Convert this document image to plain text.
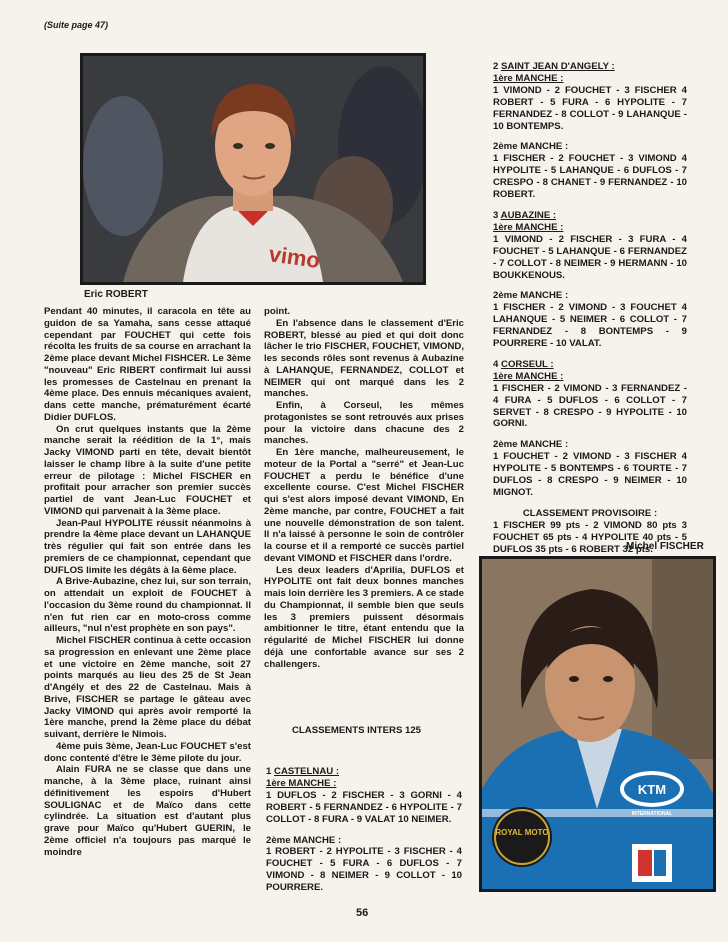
(Suite page 47)
vimo
Eric ROBERT

Pendant 40 minutes, il caracola en tête au guidon de sa Yamaha, sans cesse attaqué cependant par FOUCHET qui cette fois récolta les fruits de sa course en arrachant la 2ème place devant Michel FISHCER. Le 3ème "nouveau" Eric RIBERT confirmait lui aussi les promesses de Castelnau en prenant la 4ème place. Des ennuis mécaniques avaient, dans cette manche, prématurément écarté Didier DUFLOS.

On crut quelques instants que la 2ème manche serait la réédition de la 1°, mais Jacky VIMOND parti en tête, devait bientôt laisser le champ libre à la suite d'une petite erreur de pilotage : Michel FISCHER en profitait pour arracher son premier succès partiel de vant Jean-Luc FOUCHET et VIMOND qui parvenait à la 3ème place.

Jean-Paul HYPOLITE réussit néanmoins à prendre la 4ème place devant un LAHANQUE très régulier qui fait son entrée dans les premiers de ce championnat, cependant que DUFLOS limite les dégâts à la 6ème place.

A Brive-Aubazine, chez lui, sur son terrain, on attendait un exploit de FOUCHET à l'occasion du 3ème round du championnat. Il n'en fut rien car en moto-cross comme ailleurs, "nul n'est prophète en son pays".

Michel FISCHER continua à cette occasion sa progression en enlevant une 2ème place et une victoire en 2ème manche, soit 27 points marqués au lieu des 25 de St Jean d'Angély et des 22 de Castelnau. Mais à Brive, FISCHER se partage le gâteau avec Jacky VIMOND qui après avoir remporté la 1ère manche, prend la 2ème place du débat suivant, derrière le Nimois.

4ème puis 3ème, Jean-Luc FOUCHET s'est donc contenté d'être le 3ème pilote du jour.

Alain FURA ne se classe que dans une manche, à la 3ème place, ruinant ainsi définitivement les espoirs d'Hubert SOULIGNAC et de Maïco dans cette cylindrée. La situation est d'autant plus grave pour Maïco qu'Hubert GUERIN, le 2ème officiel n'a toujours pas marqué le moindre

point.

En l'absence dans le classement d'Eric ROBERT, blessé au pied et qui doit donc lâcher le trio FISCHER, FOUCHET, VIMOND, les seconds rôles sont revenus à Aubazine à LAHANQUE, FERNANDEZ, COLLOT et NEIMER qui ont marqué dans les 2 manches.

Enfin, à Corseul, les mêmes protagonistes se sont retrouvés aux prises pour la victoire dans chacune des 2 manches.

En 1ère manche, malheureusement, le moteur de la Portal a "serré" et Jean-Luc FOUCHET a perdu le bénéfice d'une excellente course. C'est Michel FISCHER qui s'est alors imposé devant VIMOND, En 2ème manche, par contre, FOUCHET a fait une nouvelle démonstration de son talent. Il n'a laissé à personne le soin de contrôler la course et il a remporté ce succès partiel devant VIMOND et FISCHER dans l'ordre.

Les deux leaders d'Aprilia, DUFLOS et HYPOLITE ont fait deux bonnes manches mais loin derrière les 3 premiers. A ce stade du Championnat, il semble bien que seuls les 3 premiers puissent désormais ambitionner le titre, étant entendu que la régularité de Michel FISCHER lui donne déjà une confortable avance sur ses 2 challengers.

CLASSEMENTS INTERS 125
1 CASTELNAU :
1ère MANCHE :
1 DUFLOS - 2 FISCHER - 3 GORNI - 4 ROBERT - 5 FERNANDEZ - 6 HYPOLITE - 7 COLLOT - 8 FURA - 9 VALAT 10 NEIMER.
2ème MANCHE :
1 ROBERT - 2 HYPOLITE - 3 FISCHER - 4 FOUCHET - 5 FURA - 6 DUFLOS - 7 VIMOND - 8 NEIMER - 9 COLLOT - 10 POURRERE.
2 SAINT JEAN D'ANGELY :
1ère MANCHE :
1 VIMOND - 2 FOUCHET - 3 FISCHER 4 ROBERT - 5 FURA - 6 HYPOLITE - 7 FERNANDEZ - 8 COLLOT - 9 LAHANQUE - 10 BONTEMPS.
2ème MANCHE :
1 FISCHER - 2 FOUCHET - 3 VIMOND 4 HYPOLITE - 5 LAHANQUE - 6 DUFLOS - 7 CRESPO - 8 CHANET - 9 FERNANDEZ - 10 ROBERT.
3 AUBAZINE :
1ère MANCHE :
1 VIMOND - 2 FISCHER - 3 FURA - 4 FOUCHET - 5 LAHANQUE - 6 FERNANDEZ - 7 COLLOT - 8 NEIMER - 9 HERMANN - 10 BOUKKENOUS.
2ème MANCHE :
1 FISCHER - 2 VIMOND - 3 FOUCHET 4 LAHANQUE - 5 NEIMER - 6 COLLOT - 7 FERNANDEZ - 8 BONTEMPS - 9 POURRERE - 10 VALAT.
4 CORSEUL :
1ère MANCHE :
1 FISCHER - 2 VIMOND - 3 FERNANDEZ - 4 FURA - 5 DUFLOS - 6 COLLOT - 7 SERVET - 8 CRESPO - 9 HYPOLITE - 10 GORNI.
2ème MANCHE :
1 FOUCHET - 2 VIMOND - 3 FISCHER 4 HYPOLITE - 5 BONTEMPS - 6 TOURTE - 7 DUFLOS - 8 CRESPO - 9 NEIMER - 10 MIGNOT.
CLASSEMENT PROVISOIRE :
1 FISCHER 99 pts - 2 VIMOND 80 pts 3 FOUCHET 65 pts - 4 HYPOLITE 40 pts - 5 DUFLOS 35 pts - 6 ROBERT 32 pts.
Michel FISCHER
ROYAL MOTO
KTM
INTERNATIONAL
56
